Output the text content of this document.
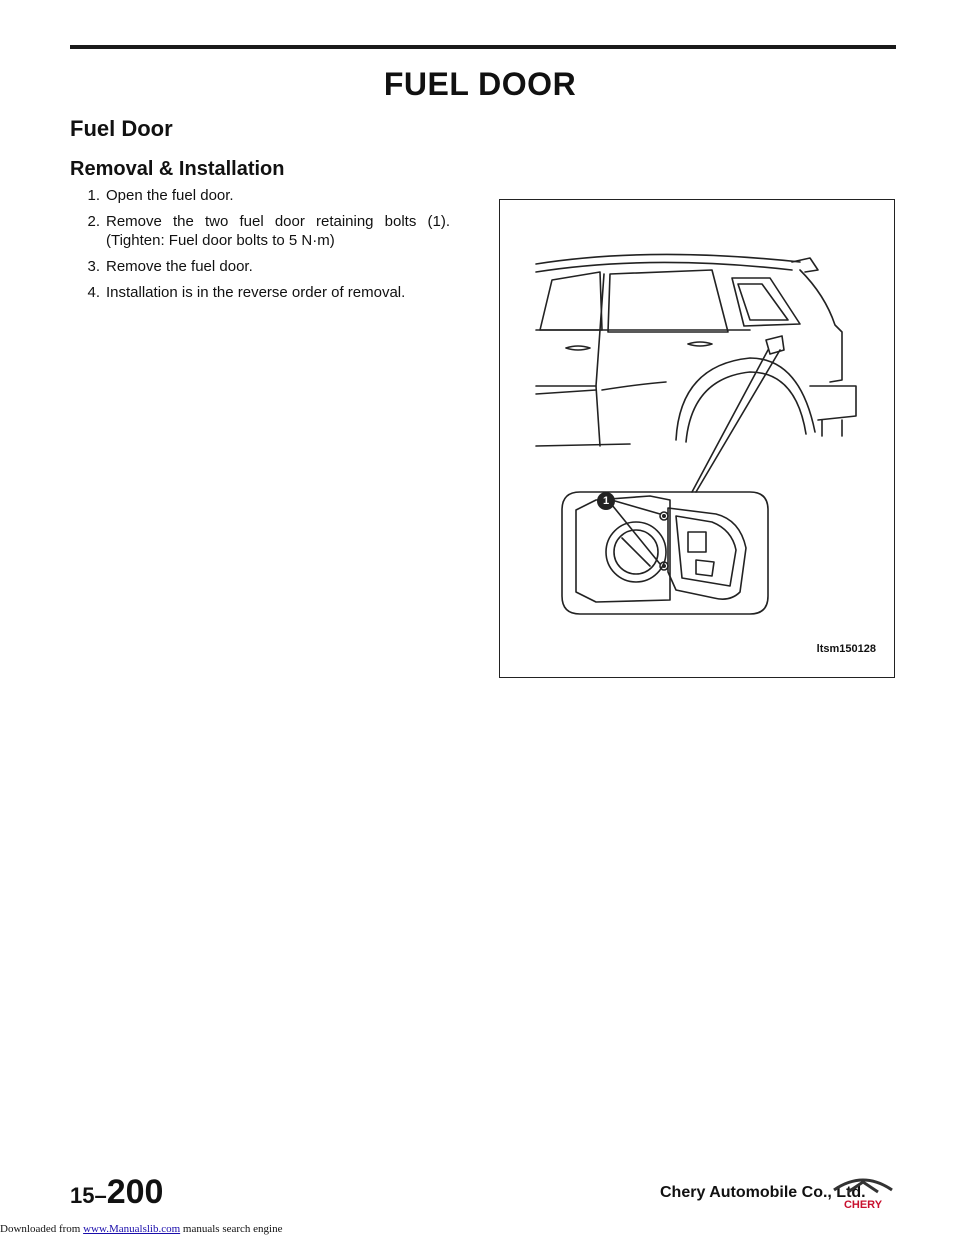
FUEL DOOR
Fuel Door
Removal & Installation
1. Open the fuel door.
2. Remove the two fuel door retaining bolts (1).
(Tighten: Fuel door bolts to 5 N·m)
3. Remove the fuel door.
4. Installation is in the reverse order of removal.
1
ltsm150128
15–200	Chery Automobile Co., Ltd.
CHERY
Downloaded from www.Manualslib.com manuals search engine
